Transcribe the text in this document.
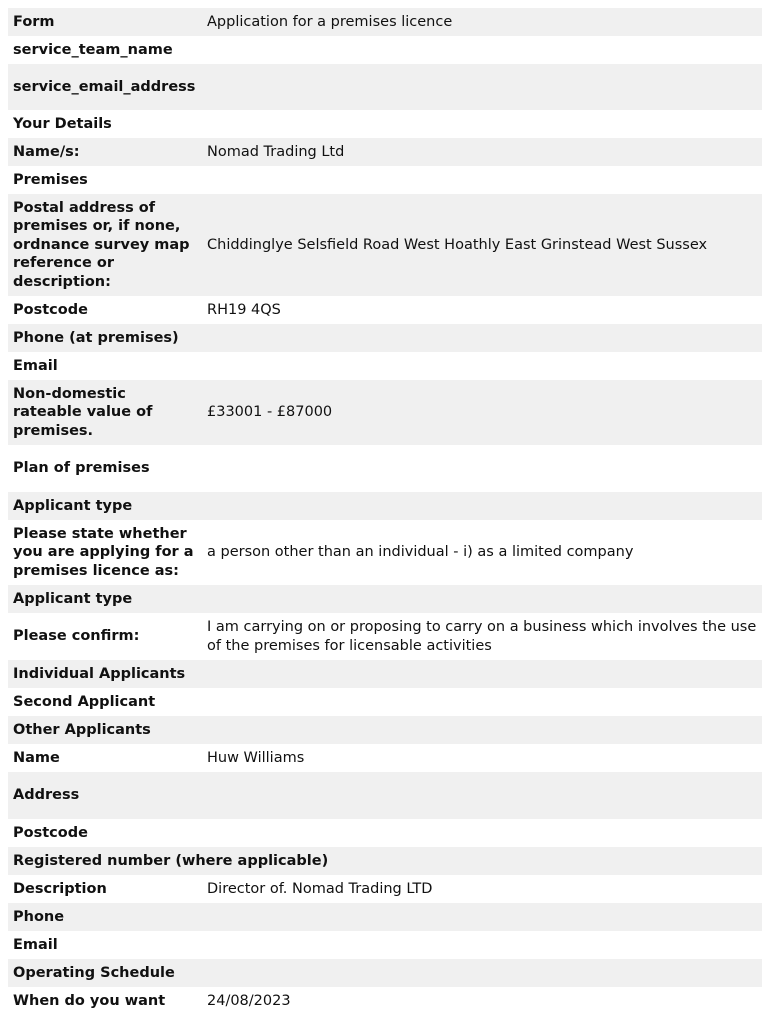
Form	Application for a premises licence
service_team_name	
service_email_address	
Your Details	
Name/s:	Nomad Trading Ltd
Premises	
Postal address of premises or, if none, ordnance survey map reference or description:	Chiddinglye Selsfield Road West Hoathly East Grinstead West Sussex
Postcode	RH19 4QS
Phone (at premises)	
Email	
Non-domestic rateable value of premises.	£33001 - £87000
Plan of premises	
Applicant type	

Please state whether you are applying for a premises licence as:	a person other than an individual - i) as a limited company
Applicant type	
Please confirm:	I am carrying on or proposing to carry on a business which involves the use of the premises for licensable activities
Individual Applicants	
Second Applicant	
Other Applicants	
Name	Huw Williams
Address	
Postcode	
Registered number (where applicable)	
Description	Director of. Nomad Trading LTD
Phone	
Email	
Operating Schedule	
When do you want	24/08/2023
